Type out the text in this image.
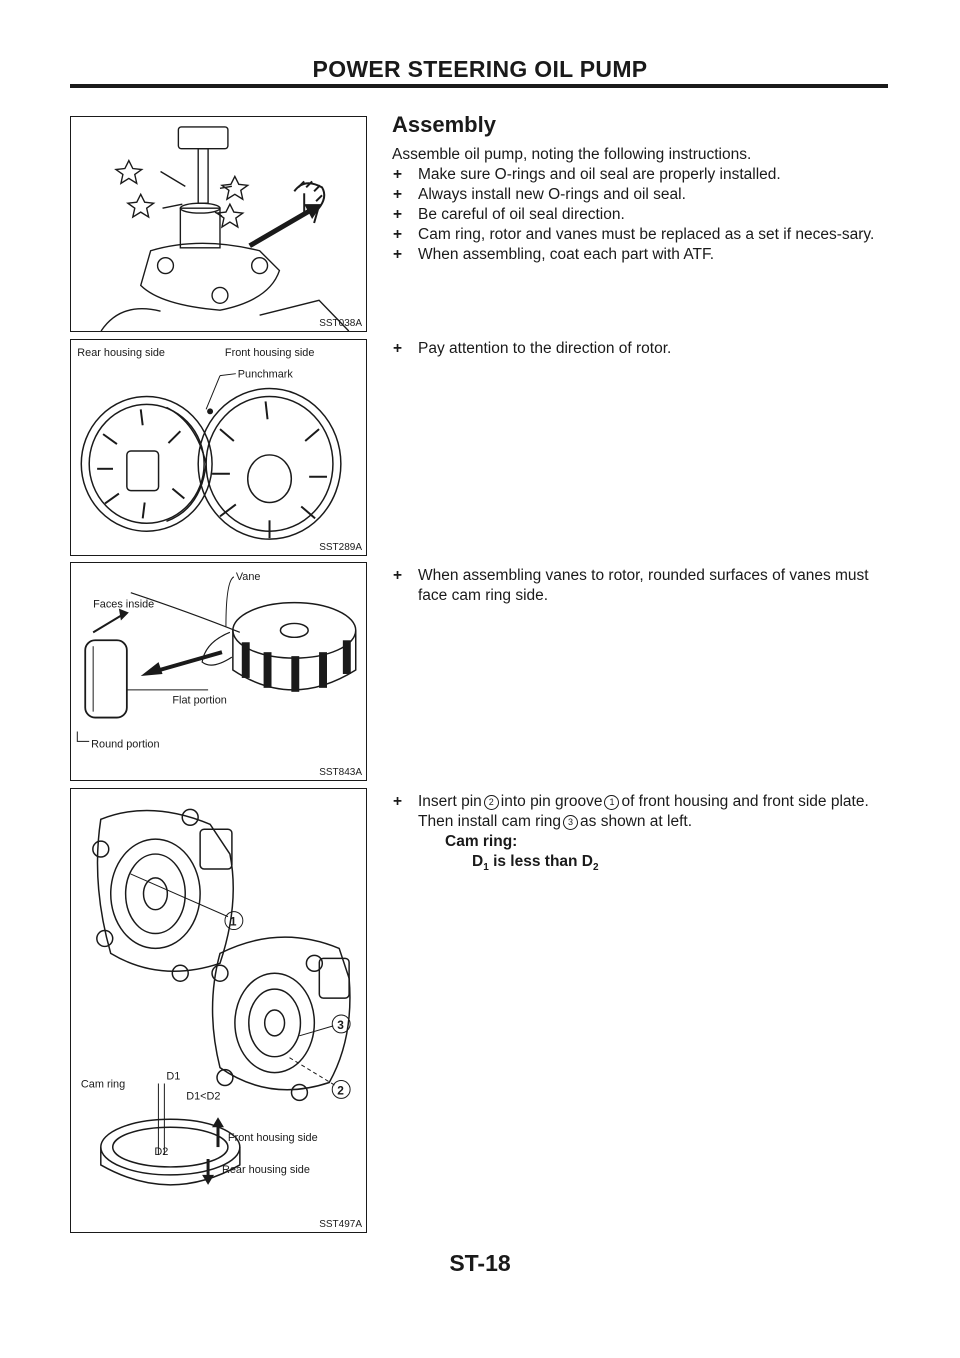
POWER STEERING OIL PUMP
SST038A
Rear housing side	Front housing side
Punchmark
SST289A
Vane
Faces inside
Flat portion
Round portion
SST843A
1
3
2
Cam ring
D1
D1<D2
D2
Front housing side
Rear housing side
SST497A
Assembly
Assemble oil pump, noting the following instructions.
+ Make sure O-rings and oil seal are properly installed.
+ Always install new O-rings and oil seal.
+ Be careful of oil seal direction.
+ Cam ring, rotor and vanes must be replaced as a set if neces-sary.
+ When assembling, coat each part with ATF.
+ Pay attention to the direction of rotor.
+ When assembling vanes to rotor, rounded surfaces of vanes must face cam ring side.
+ Insert pin 2 into pin groove 1 of front housing and front side plate. Then install cam ring 3 as shown at left.
Cam ring:
$D_1$ is less than $D_2$
ST-18
